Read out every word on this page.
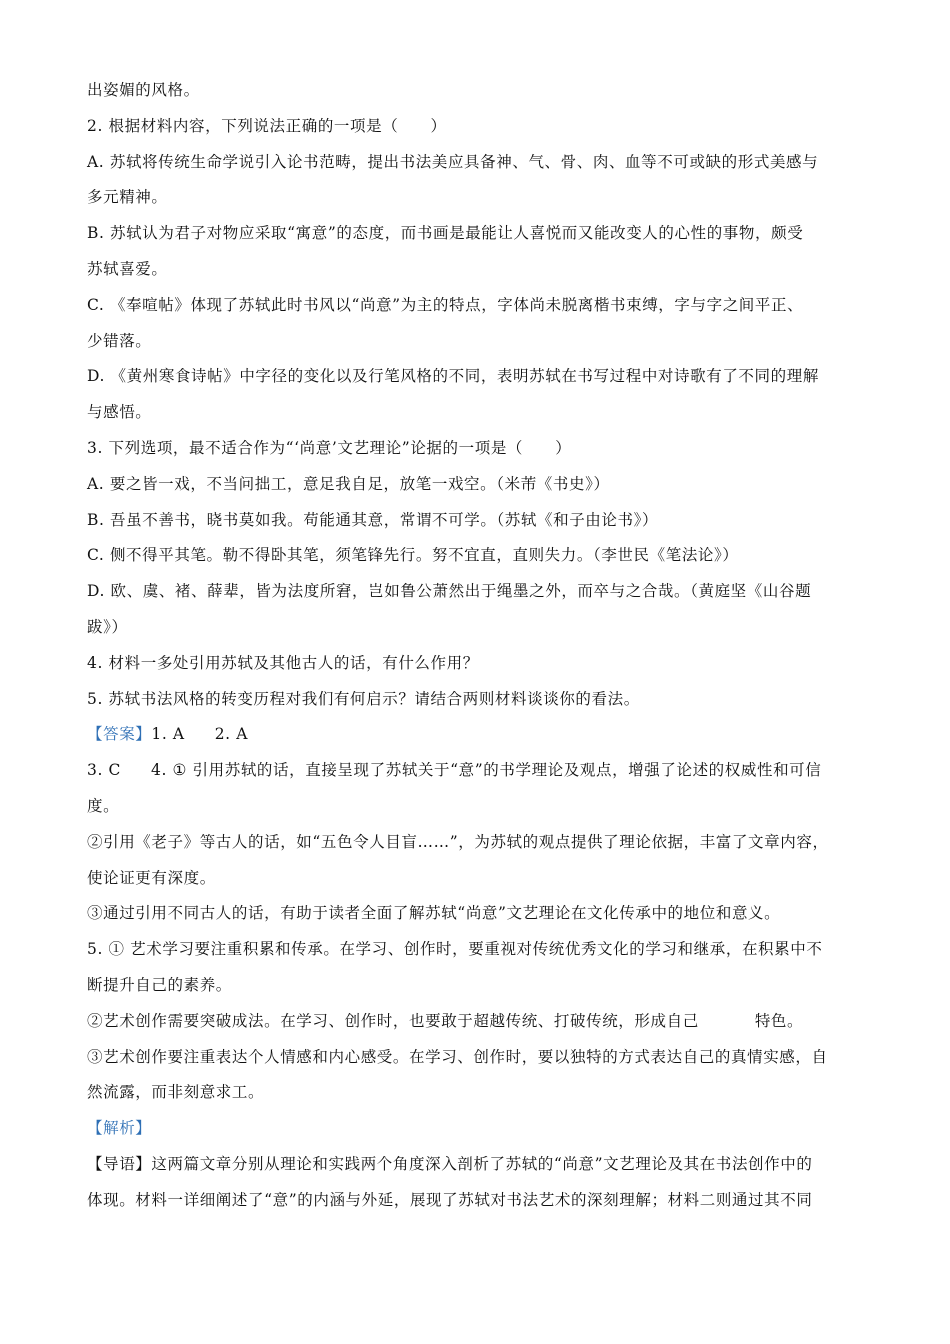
出姿媚的风格。
2. 根据材料内容，下列说法正确的一项是（　　）
A. 苏轼将传统生命学说引入论书范畴，提出书法美应具备神、气、骨、肉、血等不可或缺的形式美感与
多元精神。
B. 苏轼认为君子对物应采取“寓意”的态度，而书画是最能让人喜悦而又能改变人的心性的事物，颇受
苏轼喜爱。
C. 《奉喧帖》体现了苏轼此时书风以“尚意”为主的特点，字体尚未脱离楷书束缚，字与字之间平正、
少错落。
D. 《黄州寒食诗帖》中字径的变化以及行笔风格的不同，表明苏轼在书写过程中对诗歌有了不同的理解
与感悟。
3. 下列选项，最不适合作为“‘尚意’文艺理论”论据的一项是（　　）
A. 要之皆一戏，不当问拙工，意足我自足，放笔一戏空。（米芾《书史》）
B. 吾虽不善书，晓书莫如我。苟能通其意，常谓不可学。（苏轼《和子由论书》）
C. 侧不得平其笔。勒不得卧其笔，须笔锋先行。努不宜直，直则失力。（李世民《笔法论》）
D. 欧、虞、褚、薛辈，皆为法度所窘，岂如鲁公萧然出于绳墨之外，而卒与之合哉。（黄庭坚《山谷题
跋》）
4. 材料一多处引用苏轼及其他古人的话，有什么作用？
5. 苏轼书法风格的转变历程对我们有何启示？请结合两则材料谈谈你的看法。
【答案】1. A 2. A
3. C 4. ① 引用苏轼的话，直接呈现了苏轼关于“意”的书学理论及观点，增强了论述的权威性和可信
度。
②引用《老子》等古人的话，如“五色令人目盲……”，为苏轼的观点提供了理论依据，丰富了文章内容，
使论证更有深度。
③通过引用不同古人的话，有助于读者全面了解苏轼“尚意”文艺理论在文化传承中的地位和意义。
5. ① 艺术学习要注重积累和传承。在学习、创作时，要重视对传统优秀文化的学习和继承，在积累中不
断提升自己的素养。
②艺术创作需要突破成法。在学习、创作时，也要敢于超越传统、打破传统，形成自己	特色。
③艺术创作要注重表达个人情感和内心感受。在学习、创作时，要以独特的方式表达自己的真情实感，自
然流露，而非刻意求工。
【解析】
【导语】这两篇文章分别从理论和实践两个角度深入剖析了苏轼的“尚意”文艺理论及其在书法创作中的
体现。材料一详细阐述了“意”的内涵与外延，展现了苏轼对书法艺术的深刻理解；材料二则通过其不同
